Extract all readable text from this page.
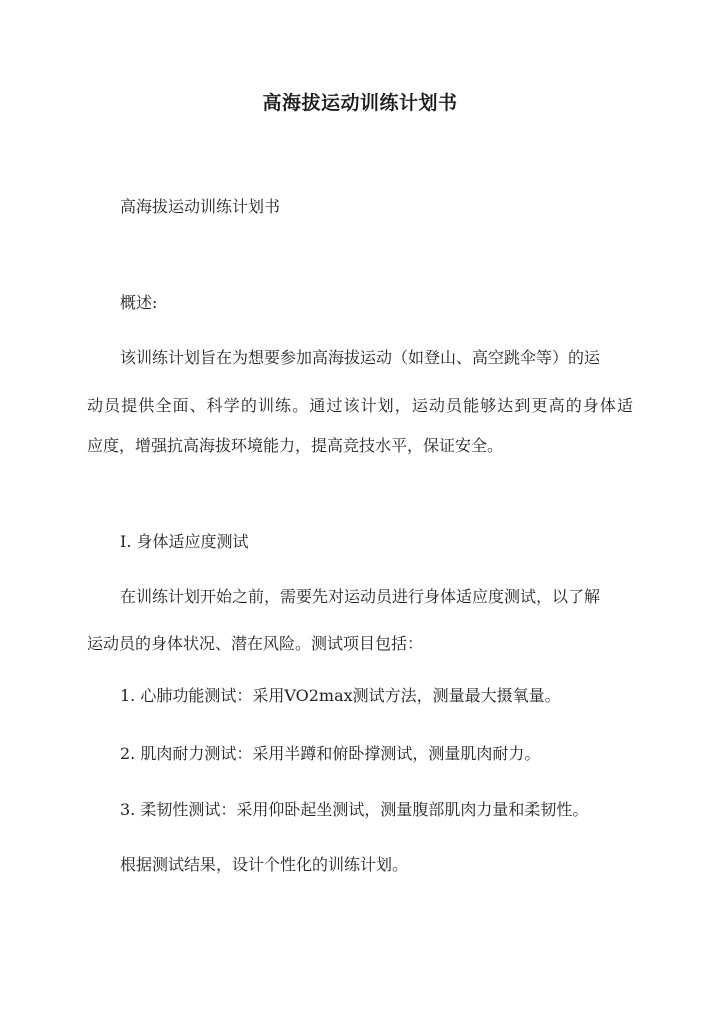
高海拔运动训练计划书
高海拔运动训练计划书
概述:
该训练计划旨在为想要参加高海拔运动（如登山、高空跳伞等）的运
动员提供全面、科学的训练。通过该计划，运动员能够达到更高的身体适
应度，增强抗高海拔环境能力，提高竞技水平，保证安全。
I. 身体适应度测试
在训练计划开始之前，需要先对运动员进行身体适应度测试，以了解
运动员的身体状况、潜在风险。测试项目包括：
1. 心肺功能测试：采用VO2max测试方法，测量最大摄氧量。
2. 肌肉耐力测试：采用半蹲和俯卧撑测试，测量肌肉耐力。
3. 柔韧性测试：采用仰卧起坐测试，测量腹部肌肉力量和柔韧性。
根据测试结果，设计个性化的训练计划。
